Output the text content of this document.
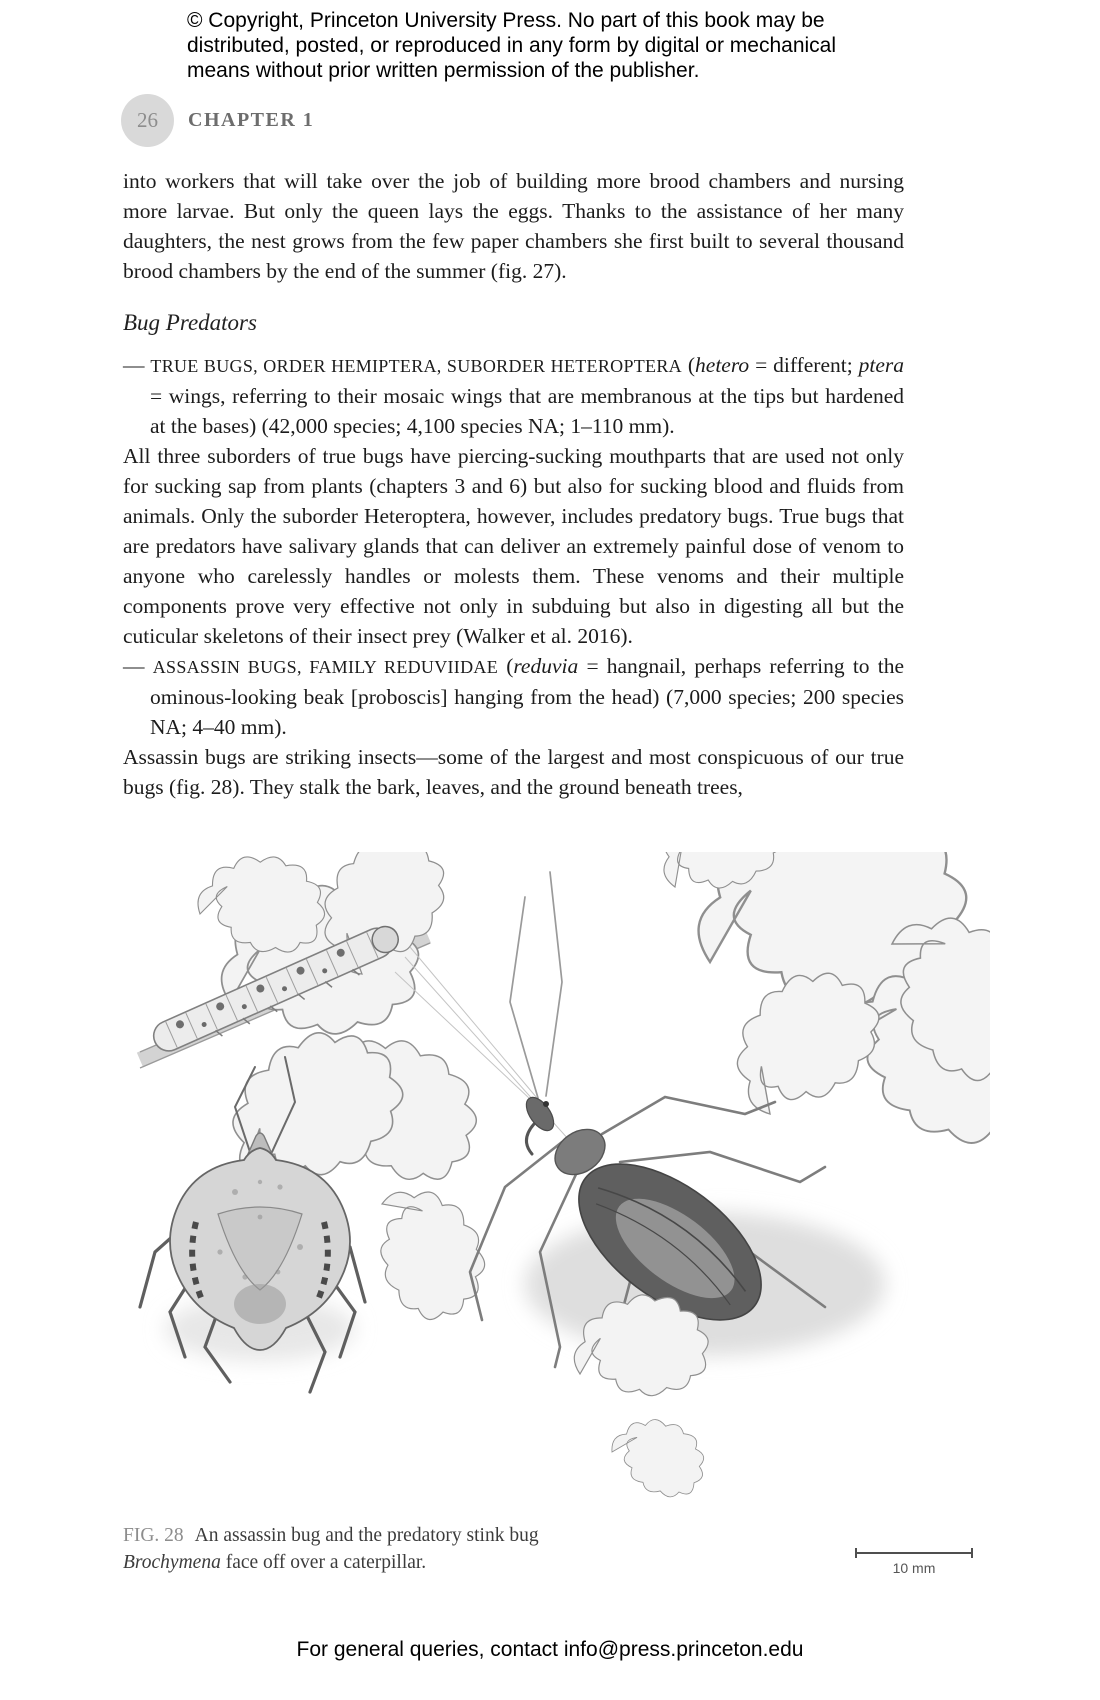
© Copyright, Princeton University Press. No part of this book may be
distributed, posted, or reproduced in any form by digital or mechanical
means without prior written permission of the publisher.
26	CHAPTER 1

into workers that will take over the job of building more brood chambers and nursing more larvae. But only the queen lays the eggs. Thanks to the assistance of her many daughters, the nest grows from the few paper chambers she first built to several thousand brood chambers by the end of the summer (fig. 27).

Bug Predators

— TRUE BUGS, ORDER HEMIPTERA, SUBORDER HETEROPTERA (hetero = different; ptera = wings, referring to their mosaic wings that are membranous at the tips but hardened at the bases) (42,000 species; 4,100 species NA; 1–110 mm).

All three suborders of true bugs have piercing-sucking mouthparts that are used not only for sucking sap from plants (chapters 3 and 6) but also for sucking blood and fluids from animals. Only the suborder Heteroptera, however, includes predatory bugs. True bugs that are predators have salivary glands that can deliver an extremely painful dose of venom to anyone who carelessly handles or molests them. These venoms and their multiple components prove very effective not only in subduing but also in digesting all but the cuticular skeletons of their insect prey (Walker et al. 2016).

— ASSASSIN BUGS, FAMILY REDUVIIDAE (reduvia = hangnail, perhaps referring to the ominous-looking beak [proboscis] hanging from the head) (7,000 species; 200 species NA; 4–40 mm).

Assassin bugs are striking insects—some of the largest and most conspicuous of our true bugs (fig. 28). They stalk the bark, leaves, and the ground beneath trees,

FIG. 28 An assassin bug and the predatory stink bug Brochymena face off over a caterpillar.	10 mm
For general queries, contact info@press.princeton.edu
